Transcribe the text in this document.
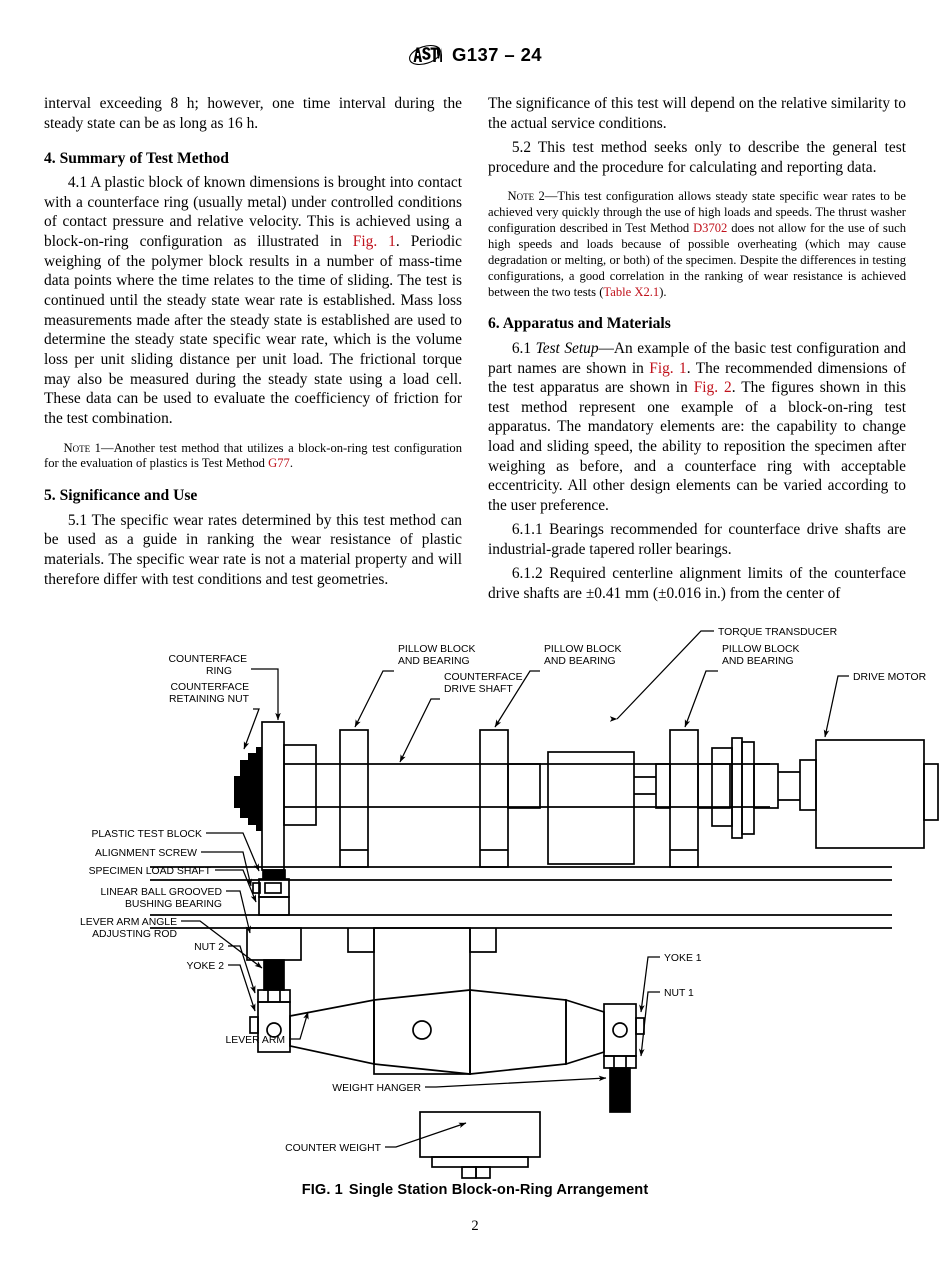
G137 – 24

interval exceeding 8 h; however, one time interval during the steady state can be as long as 16 h.

4. Summary of Test Method

4.1 A plastic block of known dimensions is brought into contact with a counterface ring (usually metal) under controlled conditions of contact pressure and relative velocity. This is achieved using a block-on-ring configuration as illustrated in Fig. 1. Periodic weighing of the polymer block results in a number of mass-time data points where the time relates to the time of sliding. The test is continued until the steady state wear rate is established. Mass loss measurements made after the steady state is established are used to determine the steady state specific wear rate, which is the volume loss per unit sliding distance per unit load. The frictional torque may also be measured during the steady state using a load cell. These data can be used to evaluate the coefficiency of friction for the test combination.

Note 1—Another test method that utilizes a block-on-ring test configuration for the evaluation of plastics is Test Method G77.

5. Significance and Use

5.1 The specific wear rates determined by this test method can be used as a guide in ranking the wear resistance of plastic materials. The specific wear rate is not a material property and will therefore differ with test conditions and test geometries.

The significance of this test will depend on the relative similarity to the actual service conditions.

5.2 This test method seeks only to describe the general test procedure and the procedure for calculating and reporting data.

Note 2—This test configuration allows steady state specific wear rates to be achieved very quickly through the use of high loads and speeds. The thrust washer configuration described in Test Method D3702 does not allow for the use of such high speeds and loads because of possible overheating (which may cause degradation or melting, or both) of the specimen. Despite the differences in testing configurations, a good correlation in the ranking of wear resistance is achieved between the two tests (Table X2.1).

6. Apparatus and Materials

6.1 Test Setup—An example of the basic test configuration and part names are shown in Fig. 1. The recommended dimensions of the test apparatus are shown in Fig. 2. The figures shown in this test method represent one example of a block-on-ring test apparatus. The mandatory elements are: the capability to change load and sliding speed, the ability to reposition the specimen after weighing as before, and a counterface ring with acceptable eccentricity. All other design elements can be varied according to the user preference.

6.1.1 Bearings recommended for counterface drive shafts are industrial-grade tapered roller bearings.

6.1.2 Required centerline alignment limits of the counterface drive shafts are ±0.41 mm (±0.016 in.) from the center of

COUNTERFACE
RING
COUNTERFACE
RETAINING NUT
PILLOW BLOCK
AND BEARING
COUNTERFACE
DRIVE SHAFT
PILLOW BLOCK
AND BEARING
TORQUE TRANSDUCER
PILLOW BLOCK
AND BEARING
DRIVE MOTOR
PLASTIC TEST BLOCK
ALIGNMENT SCREW
SPECIMEN LOAD SHAFT
LINEAR BALL GROOVED
BUSHING BEARING
LEVER ARM ANGLE
ADJUSTING ROD
NUT 2
YOKE 2
LEVER ARM
YOKE 1
NUT 1
WEIGHT HANGER
COUNTER WEIGHT
FIG. 1 Single Station Block-on-Ring Arrangement
2
